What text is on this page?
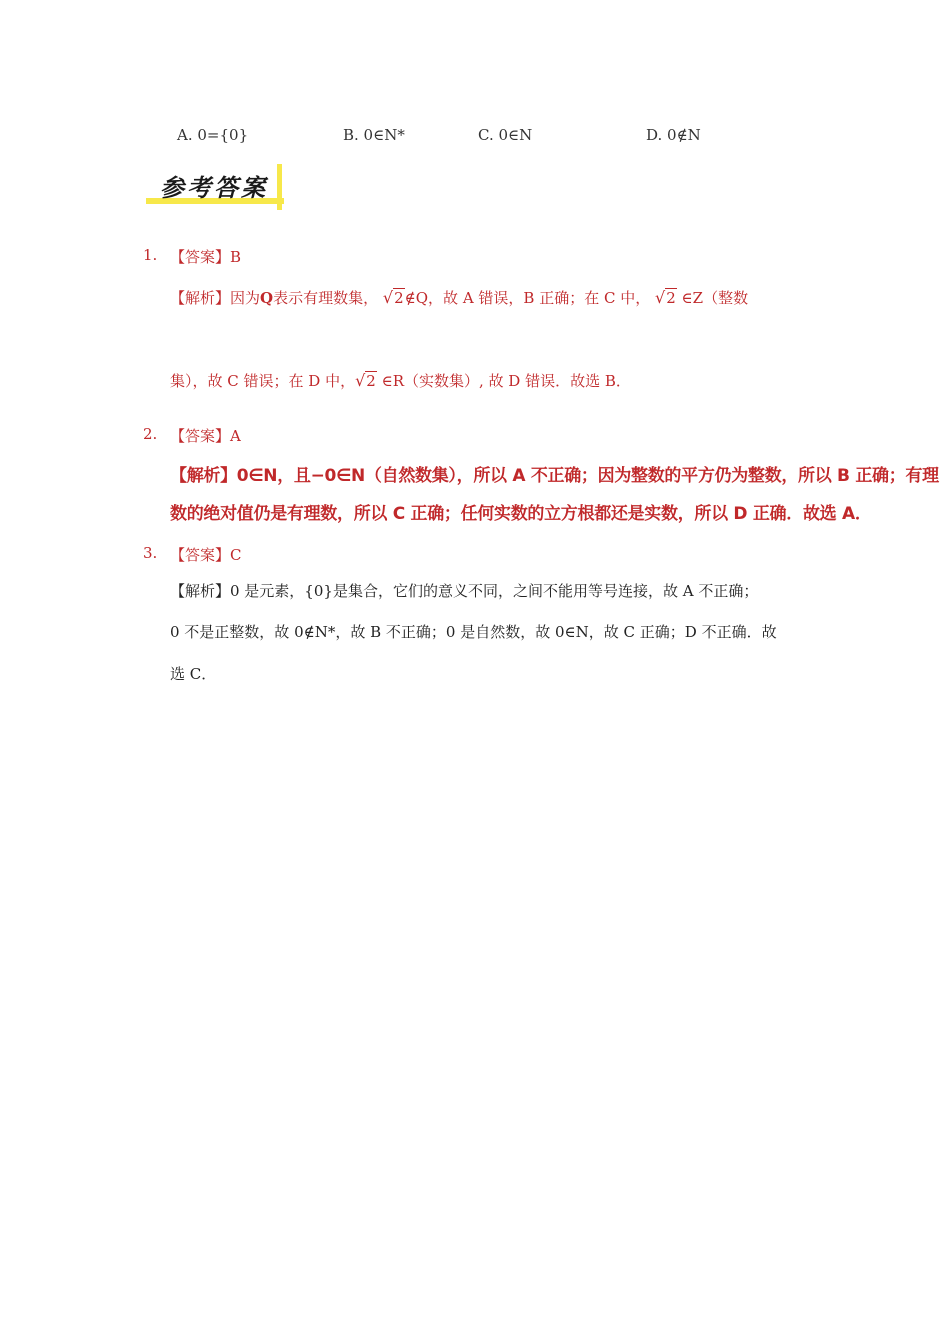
A. 0={0}	B. 0∈N*	C. 0∈N	D. 0∉N
参考答案
1. 【答案】B
【解析】因为Q表示有理数集， √2∉Q，故 A 错误，B 正确；在 C 中， √2 ∈Z（整数
集），故 C 错误；在 D 中，√2 ∈R（实数集）, 故 D 错误．故选 B．
2. 【答案】A
【解析】0∈N，且−0∈N（自然数集），所以 A 不正确；因为整数的平方仍为整数，所以 B 正确；有理
数的绝对值仍是有理数，所以 C 正确；任何实数的立方根都还是实数，所以 D 正确．故选 A．
3. 【答案】C
【解析】0 是元素，{0}是集合，它们的意义不同，之间不能用等号连接，故 A 不正确；
0 不是正整数，故 0∉N*，故 B 不正确；0 是自然数，故 0∈N，故 C 正确；D 不正确．故
选 C．
